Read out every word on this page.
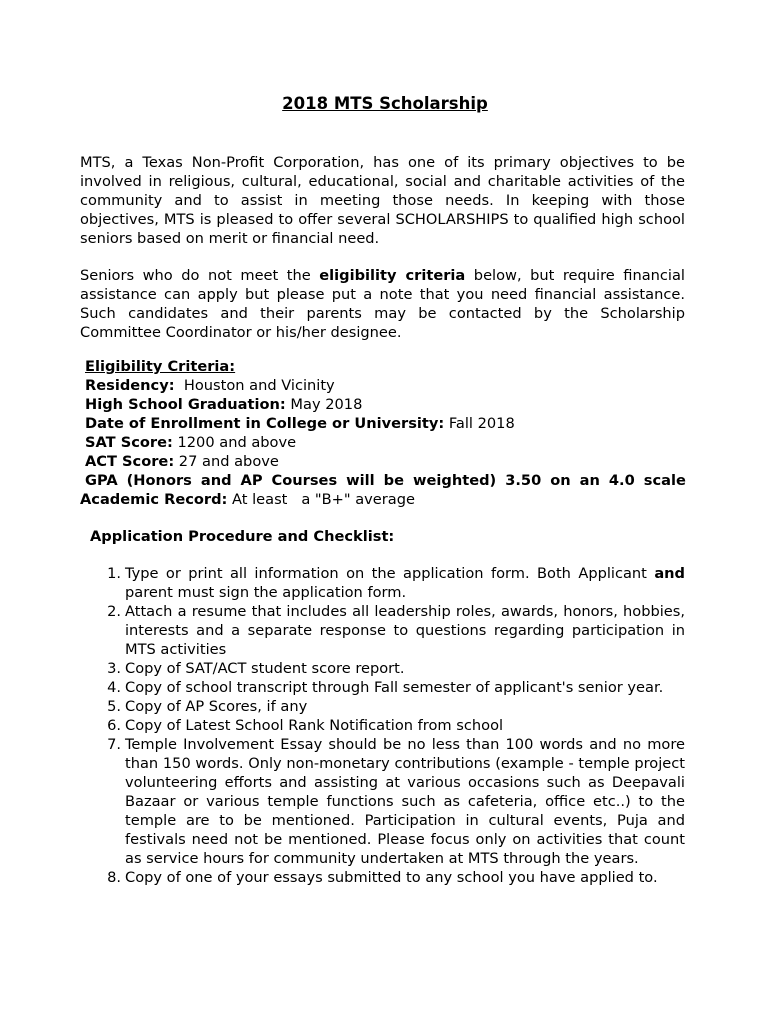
2018 MTS Scholarship
MTS, a Texas Non-Profit Corporation, has one of its primary objectives to be involved in religious, cultural, educational, social and charitable activities of the community and to assist in meeting those needs. In keeping with those objectives, MTS is pleased to offer several SCHOLARSHIPS to qualified high school seniors based on merit or financial need.
Seniors who do not meet the eligibility criteria below, but require financial assistance can apply but please put a note that you need financial assistance. Such candidates and their parents may be contacted by the Scholarship Committee Coordinator or his/her designee.
Eligibility Criteria:
Residency:  Houston and Vicinity
High School Graduation: May 2018
Date of Enrollment in College or University: Fall 2018
SAT Score: 1200 and above
ACT Score: 27 and above
GPA (Honors and AP Courses will be weighted) 3.50 on an 4.0 scale
Academic Record: At least   a "B+" average
Application Procedure and Checklist:
1. Type or print all information on the application form. Both Applicant and parent must sign the application form.
2. Attach a resume that includes all leadership roles, awards, honors, hobbies, interests and a separate response to questions regarding participation in MTS activities
3. Copy of SAT/ACT student score report.
4. Copy of school transcript through Fall semester of applicant's senior year.
5. Copy of AP Scores, if any
6. Copy of Latest School Rank Notification from school
7. Temple Involvement Essay should be no less than 100 words and no more than 150 words. Only non-monetary contributions (example - temple project volunteering efforts and assisting at various occasions such as Deepavali Bazaar or various temple functions such as cafeteria, office etc..) to the temple are to be mentioned. Participation in cultural events, Puja and festivals need not be mentioned. Please focus only on activities that count as service hours for community undertaken at MTS through the years.
8. Copy of one of your essays submitted to any school you have applied to.
